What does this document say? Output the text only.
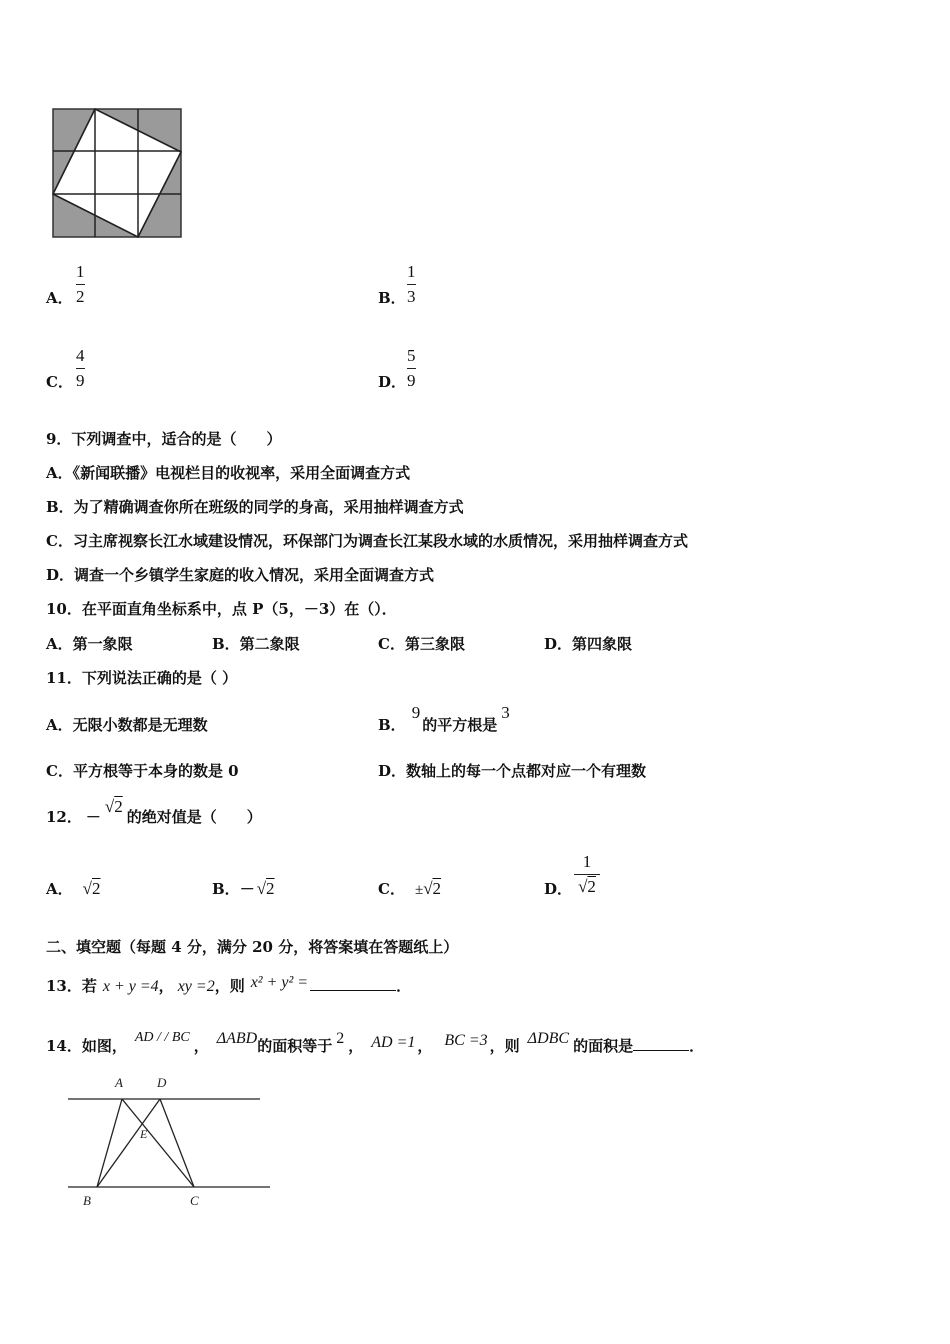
A．
1
2	B．
1
3
C．
4
9	D．
5
9
9．下列调查中，适合的是（　　）
A．《新闻联播》电视栏目的收视率，采用全面调查方式
B．为了精确调查你所在班级的同学的身高，采用抽样调查方式
C．习主席视察长江水域建设情况，环保部门为调查长江某段水域的水质情况，采用抽样调查方式
D．调查一个乡镇学生家庭的收入情况，采用全面调查方式
10．在平面直角坐标系中，点 P（5，－3）在（）．
A．第一象限	B．第二象限	C．第三象限	D．第四象限
11．下列说法正确的是（ ）
A．无限小数都是无理数	B．9的平方根是3
C．平方根等于本身的数是 0	D．数轴上的每一个点都对应一个有理数
12． －√2的绝对值是（　　）
A． √2	B．－ √2	C． ±√2	D．
1
√2
二、填空题（每题 4 分，满分 20 分，将答案填在答题纸上）
13．若 x + y =4， xy =2，则 x² + y² =	．
14．如图， AD / / BC ， ΔABD的面积等于 2 ， AD =1 ， BC =3 ，则 ΔDBC 的面积是	．
A	D
E
B	C
